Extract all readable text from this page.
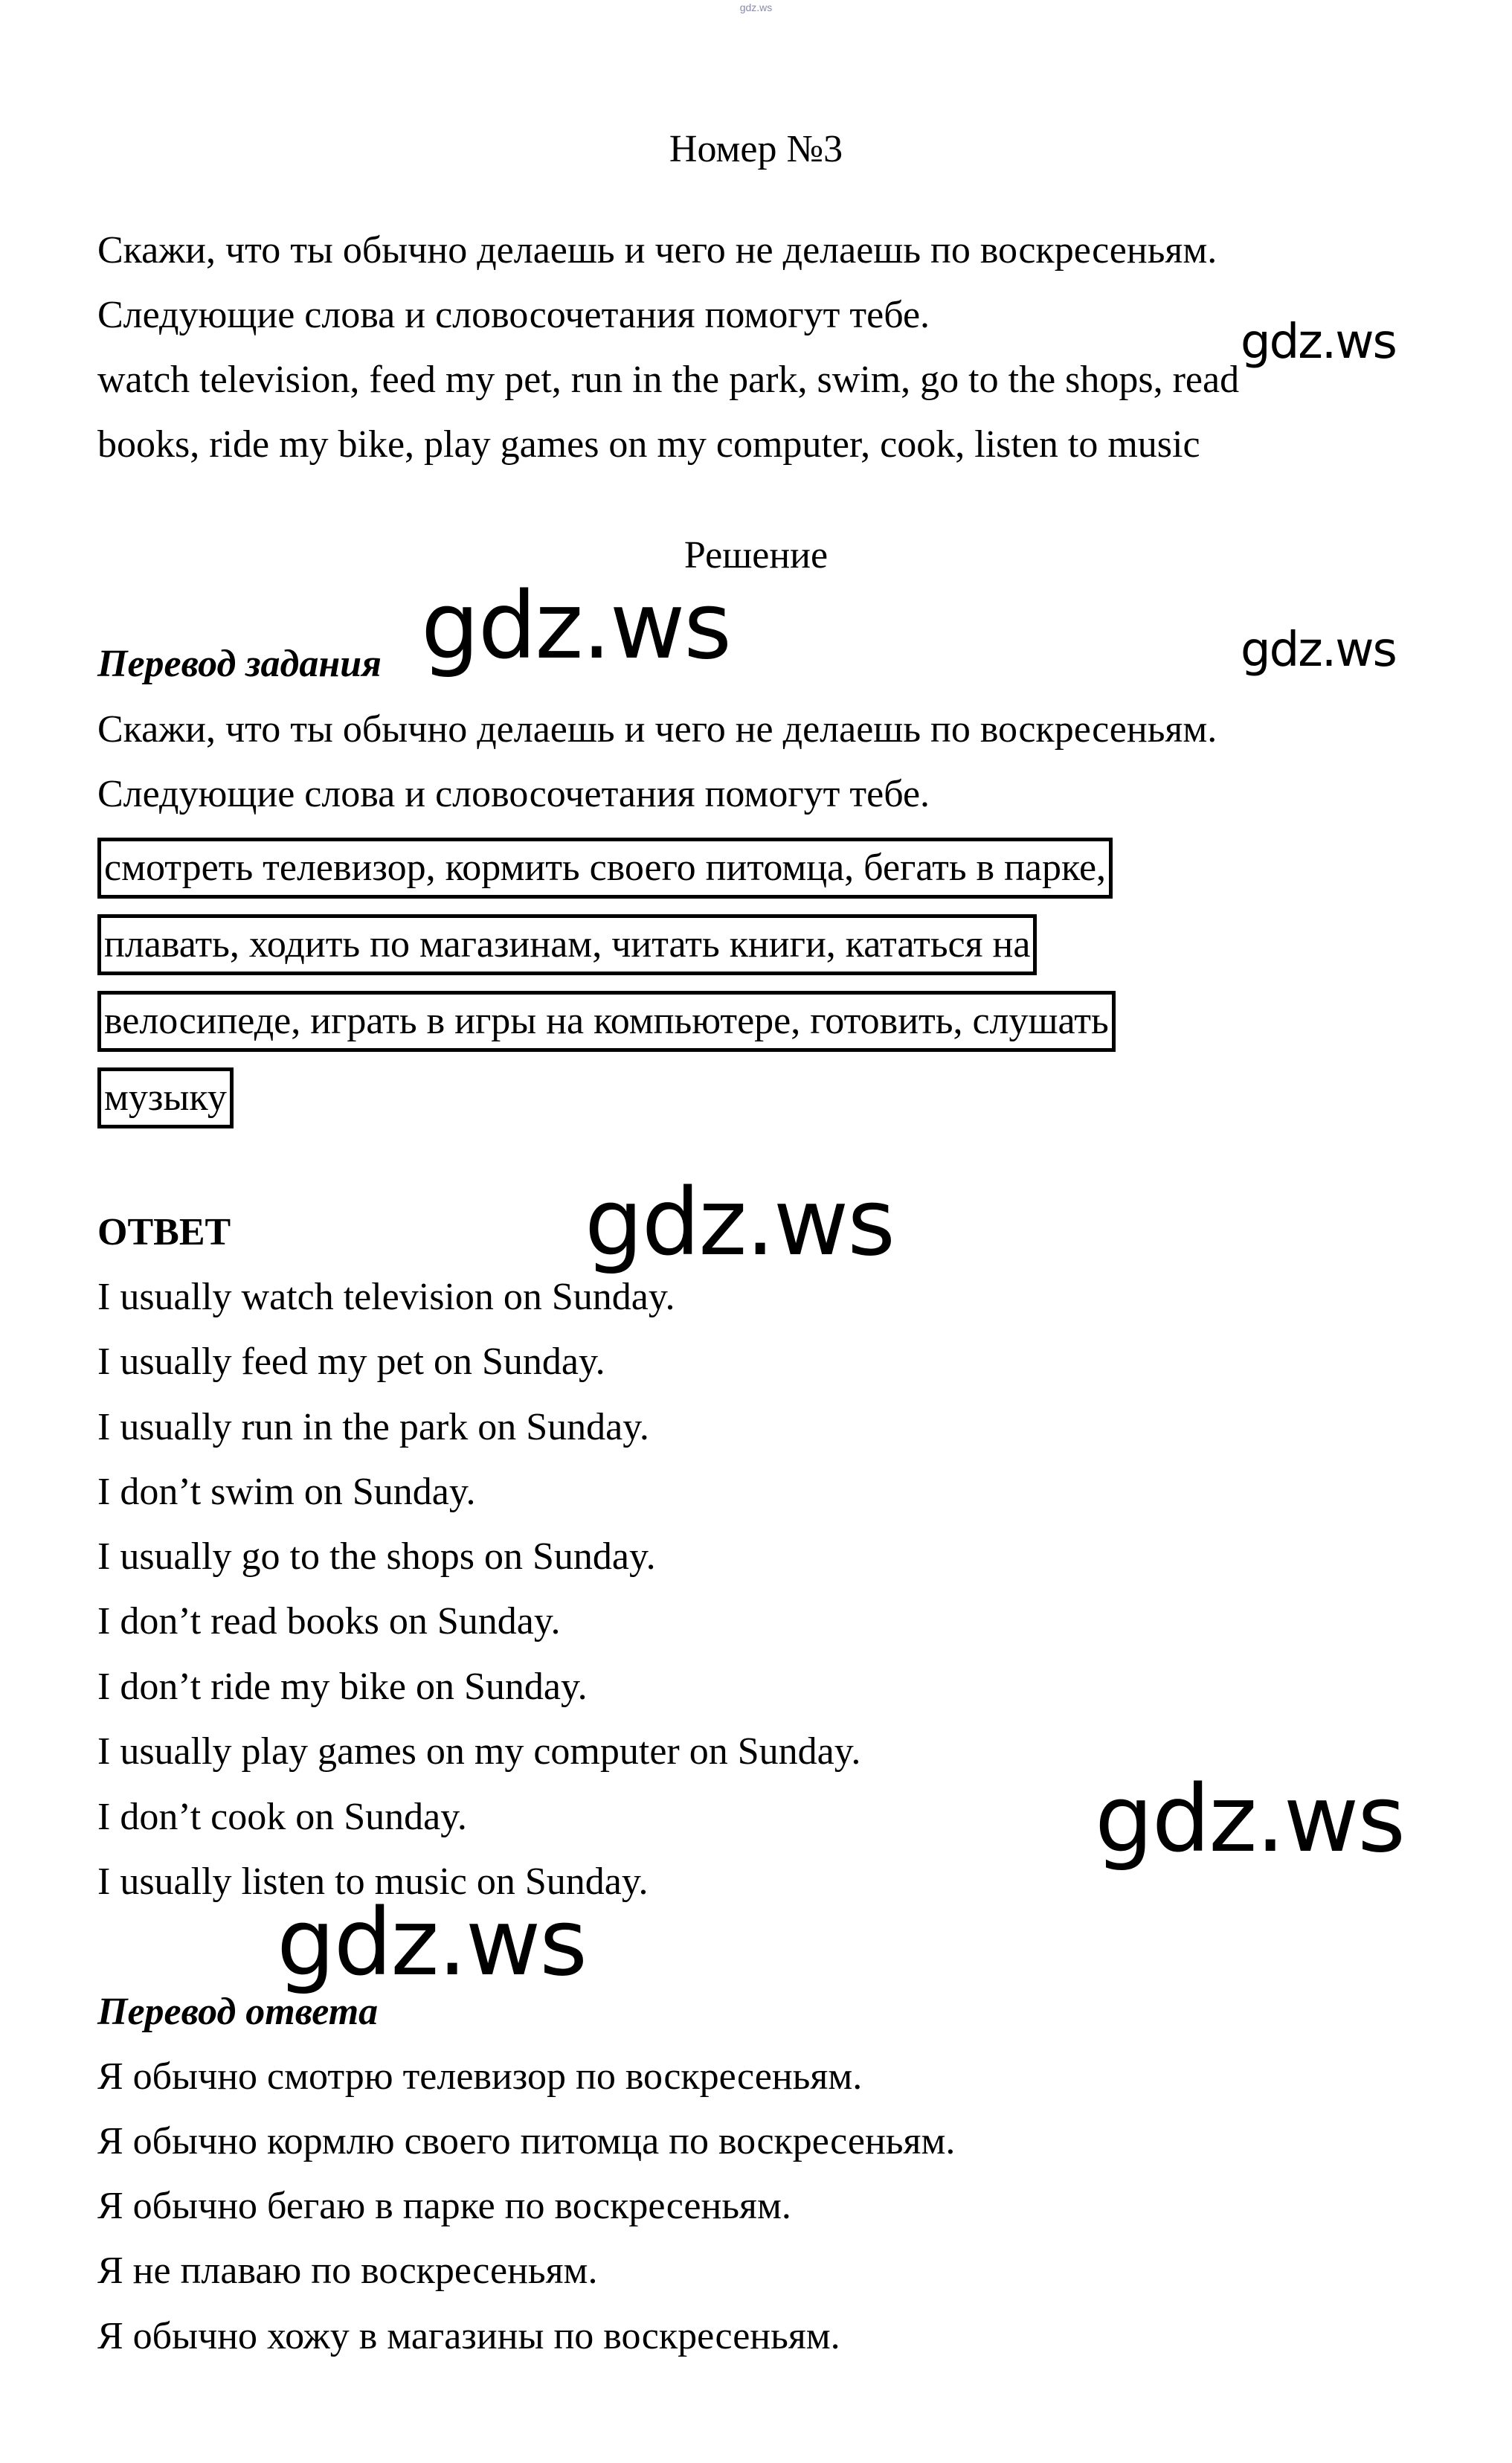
gdz.ws
Номер №3
Скажи, что ты обычно делаешь и чего не делаешь по воскресеньям.
Следующие слова и словосочетания помогут тебе.
watch television, feed my pet, run in the park, swim, go to the shops, read
books, ride my bike, play games on my computer, cook, listen to music
Решение
Перевод задания
Скажи, что ты обычно делаешь и чего не делаешь по воскресеньям.
Следующие слова и словосочетания помогут тебе.
смотреть телевизор, кормить своего питомца, бегать в парке,
плавать, ходить по магазинам, читать книги, кататься на
велосипеде, играть в игры на компьютере, готовить, слушать
музыку
ОТВЕТ
I usually watch television on Sunday.
I usually feed my pet on Sunday.
I usually run in the park on Sunday.
I don’t swim on Sunday.
I usually go to the shops on Sunday.
I don’t read books on Sunday.
I don’t ride my bike on Sunday.
I usually play games on my computer on Sunday.
I don’t cook on Sunday.
I usually listen to music on Sunday.
Перевод ответа
Я обычно смотрю телевизор по воскресеньям.
Я обычно кормлю своего питомца по воскресеньям.
Я обычно бегаю в парке по воскресеньям.
Я не плаваю по воскресеньям.
Я обычно хожу в магазины по воскресеньям.
gdz.ws
gdz.ws	gdz.ws
gdz.ws
gdz.ws
gdz.ws
